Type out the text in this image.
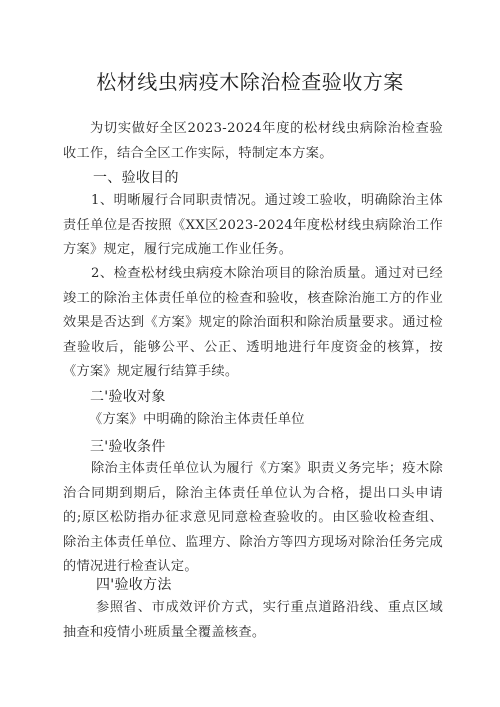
松材线虫病疫木除治检查验收方案
为切实做好全区2023-2024年度的松材线虫病除治检查验收工作，结合全区工作实际，特制定本方案。
一、验收目的
1、明晰履行合同职责情况。通过竣工验收，明确除治主体责任单位是否按照《XX区2023-2024年度松材线虫病除治工作方案》规定，履行完成施工作业任务。
2、检查松材线虫病疫木除治项目的除治质量。通过对已经竣工的除治主体责任单位的检查和验收，核查除治施工方的作业效果是否达到《方案》规定的除治面积和除治质量要求。通过检查验收后，能够公平、公正、透明地进行年度资金的核算，按《方案》规定履行结算手续。
二'验收对象
《方案》中明确的除治主体责任单位
三'验收条件
除治主体责任单位认为履行《方案》职责义务完毕；疫木除治合同期到期后，除治主体责任单位认为合格，提出口头申请的;原区松防指办征求意见同意检查验收的。由区验收检查组、除治主体责任单位、监理方、除治方等四方现场对除治任务完成的情况进行检查认定。
四'验收方法
参照省、市成效评价方式，实行重点道路沿线、重点区域抽查和疫情小班质量全覆盖核查。
